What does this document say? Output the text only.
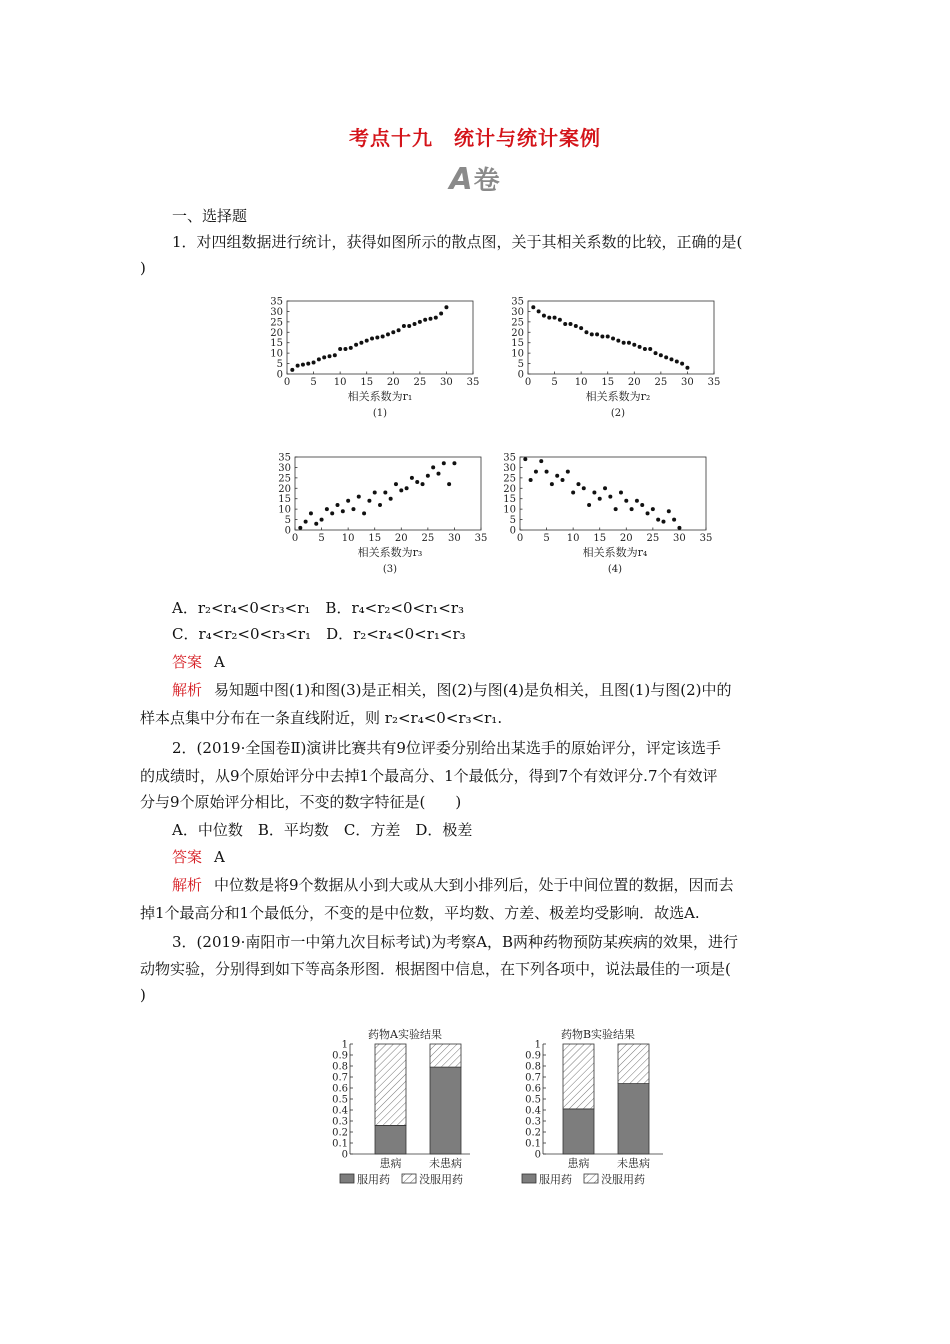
考点十九　统计与统计案例
A卷
一、选择题
1．对四组数据进行统计，获得如图所示的散点图，关于其相关系数的比较，正确的是(
)
0 5 10 15 20 25 30 35
0
5
10
15
20
25
30
35
相关系数为r₁
(1)
0 5 10 15 20 25 30 35
0
5
10
15
20
25
30
35
相关系数为r₂
(2)
0 5 10 15 20 25 30 35
0
5
10
15
20
25
30
35
相关系数为r₃
(3)
0 5 10 15 20 25 30 35
0
5
10
15
20
25
30
35
相关系数为r₄
(4)
A．r₂<r₄<0<r₃<r₁　 B．r₄<r₂<0<r₁<r₃
C．r₄<r₂<0<r₃<r₁　 D．r₂<r₄<0<r₁<r₃
答案 A
解析 易知题中图(1)和图(3)是正相关，图(2)与图(4)是负相关，且图(1)与图(2)中的
样本点集中分布在一条直线附近，则 r₂<r₄<0<r₃<r₁.
2．(2019·全国卷Ⅱ)演讲比赛共有9位评委分别给出某选手的原始评分，评定该选手
的成绩时，从9个原始评分中去掉1个最高分、1个最低分，得到7个有效评分.7个有效评
分与9个原始评分相比，不变的数字特征是(　　)
A．中位数　B．平均数　C．方差　D．极差
答案 A
解析 中位数是将9个数据从小到大或从大到小排列后，处于中间位置的数据，因而去
掉1个最高分和1个最低分，不变的是中位数，平均数、方差、极差均受影响．故选A.
3．(2019·南阳市一中第九次目标考试)为考察A，B两种药物预防某疾病的效果，进行
动物实验，分别得到如下等高条形图．根据图中信息，在下列各项中，说法最佳的一项是(
)
药物A实验结果
0
0.1
0.2
0.3
0.4
0.5
0.6
0.7
0.8
0.9
1
患病	未患病
服用药	没服用药
药物B实验结果
0
0.1
0.2
0.3
0.4
0.5
0.6
0.7
0.8
0.9
1
患病	未患病
服用药	没服用药
